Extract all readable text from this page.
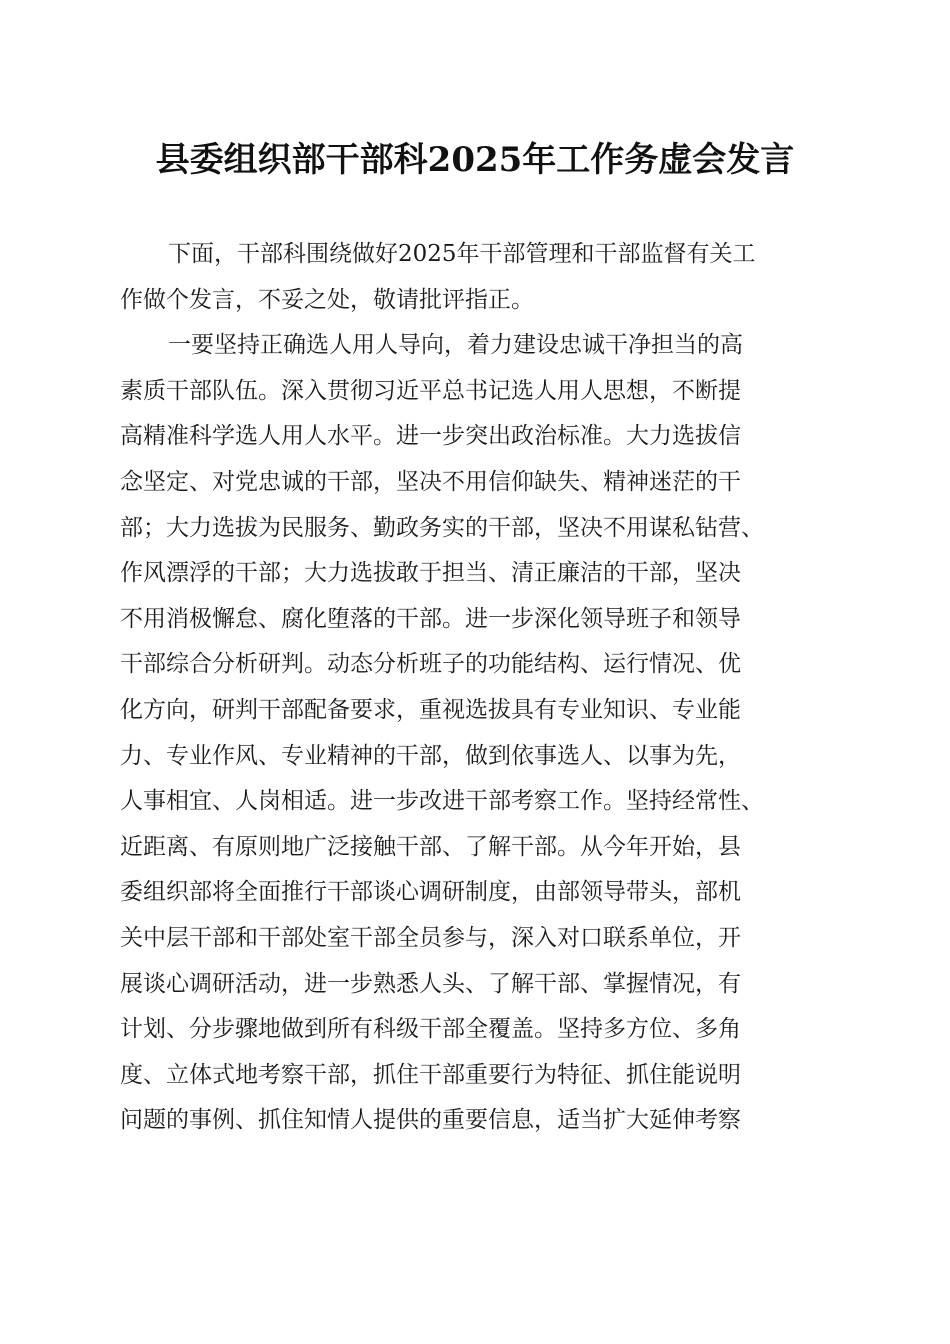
县委组织部干部科2025年工作务虚会发言
下面，干部科围绕做好2025年干部管理和干部监督有关工
作做个发言，不妥之处，敬请批评指正。
一要坚持正确选人用人导向，着力建设忠诚干净担当的高
素质干部队伍。深入贯彻习近平总书记选人用人思想，不断提
高精准科学选人用人水平。进一步突出政治标准。大力选拔信
念坚定、对党忠诚的干部，坚决不用信仰缺失、精神迷茫的干
部；大力选拔为民服务、勤政务实的干部，坚决不用谋私钻营、
作风漂浮的干部；大力选拔敢于担当、清正廉洁的干部，坚决
不用消极懈怠、腐化堕落的干部。进一步深化领导班子和领导
干部综合分析研判。动态分析班子的功能结构、运行情况、优
化方向，研判干部配备要求，重视选拔具有专业知识、专业能
力、专业作风、专业精神的干部，做到依事选人、以事为先，
人事相宜、人岗相适。进一步改进干部考察工作。坚持经常性、
近距离、有原则地广泛接触干部、了解干部。从今年开始，县
委组织部将全面推行干部谈心调研制度，由部领导带头，部机
关中层干部和干部处室干部全员参与，深入对口联系单位，开
展谈心调研活动，进一步熟悉人头、了解干部、掌握情况，有
计划、分步骤地做到所有科级干部全覆盖。坚持多方位、多角
度、立体式地考察干部，抓住干部重要行为特征、抓住能说明
问题的事例、抓住知情人提供的重要信息，适当扩大延伸考察
